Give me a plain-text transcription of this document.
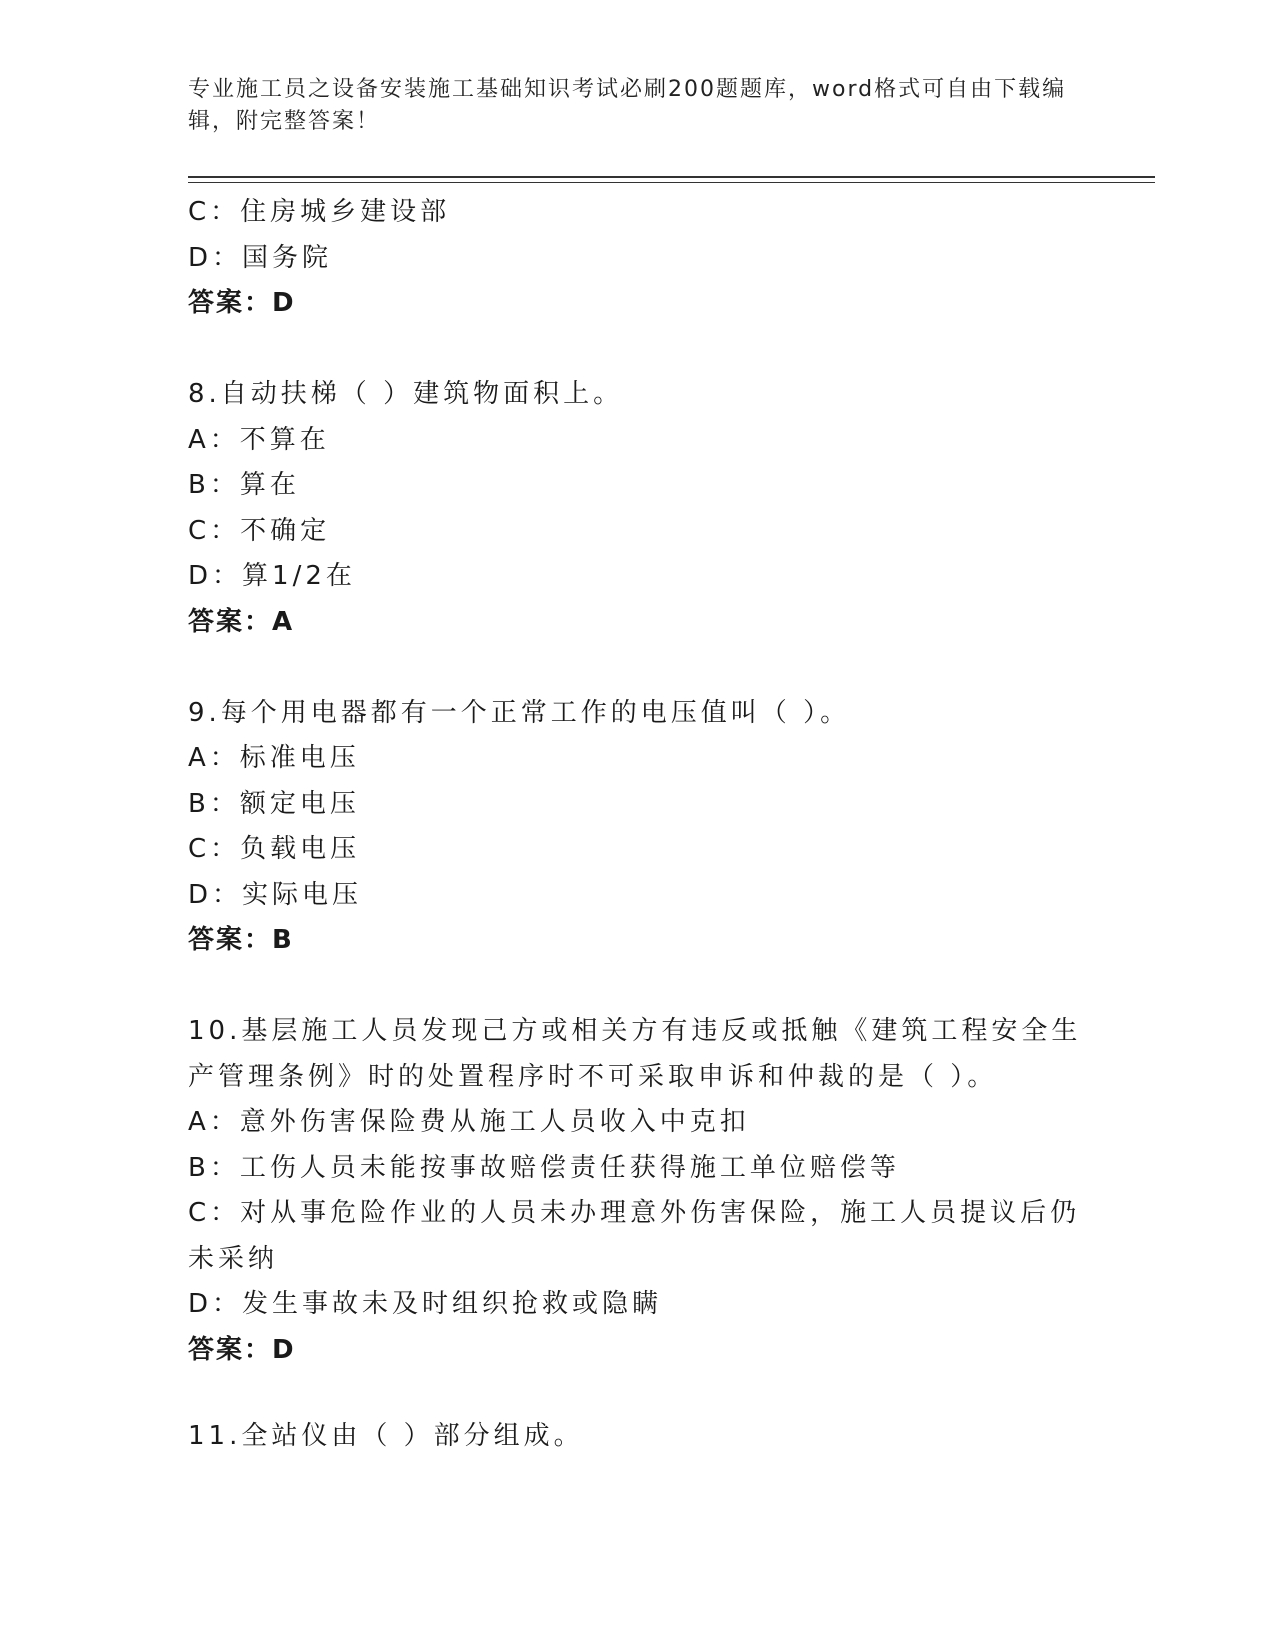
专业施工员之设备安装施工基础知识考试必刷200题题库，word格式可自由下载编辑，附完整答案！
C：住房城乡建设部
D：国务院
答案：D
8.自动扶梯（ ）建筑物面积上。
A：不算在
B：算在
C：不确定
D：算1/2在
答案：A
9.每个用电器都有一个正常工作的电压值叫（ ）。
A：标准电压
B：额定电压
C：负载电压
D：实际电压
答案：B
10.基层施工人员发现己方或相关方有违反或抵触《建筑工程安全生产管理条例》时的处置程序时不可采取申诉和仲裁的是（ ）。
A：意外伤害保险费从施工人员收入中克扣
B：工伤人员未能按事故赔偿责任获得施工单位赔偿等
C：对从事危险作业的人员未办理意外伤害保险，施工人员提议后仍未采纳
D：发生事故未及时组织抢救或隐瞒
答案：D
11.全站仪由（ ）部分组成。
